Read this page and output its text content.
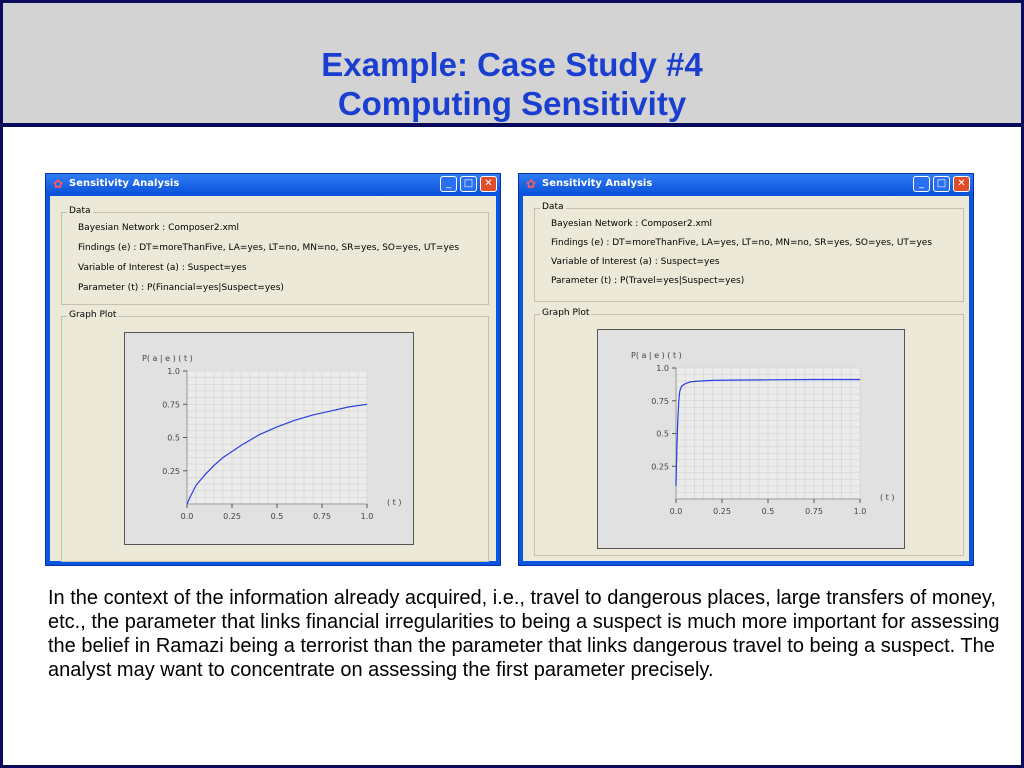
Example: Case Study #4
Computing Sensitivity
✿ Sensitivity Analysis	_	□	✕
Data
Bayesian Network : Composer2.xml
Findings (e) : DT=moreThanFive, LA=yes, LT=no, MN=no, SR=yes, SO=yes, UT=yes
Variable of Interest (a) : Suspect=yes
Parameter (t) : P(Financial=yes|Suspect=yes)
Graph Plot
0.0	0.25	0.5	0.75	1.0
1.0
0.75
0.5
0.25
P( a | e ) ( t )
( t )
✿ Sensitivity Analysis	_	□	✕
Data
Bayesian Network : Composer2.xml
Findings (e) : DT=moreThanFive, LA=yes, LT=no, MN=no, SR=yes, SO=yes, UT=yes
Variable of Interest (a) : Suspect=yes
Parameter (t) : P(Travel=yes|Suspect=yes)
Graph Plot
0.0	0.25	0.5	0.75	1.0
1.0
0.75
0.5
0.25
P( a | e ) ( t )
( t )
In the context of the information already acquired, i.e., travel to dangerous places, large transfers of money, etc., the parameter that links financial irregularities to being a suspect is much more important for assessing the belief in Ramazi being a terrorist than the parameter that links dangerous travel to being a suspect. The analyst may want to concentrate on assessing the first parameter precisely.
